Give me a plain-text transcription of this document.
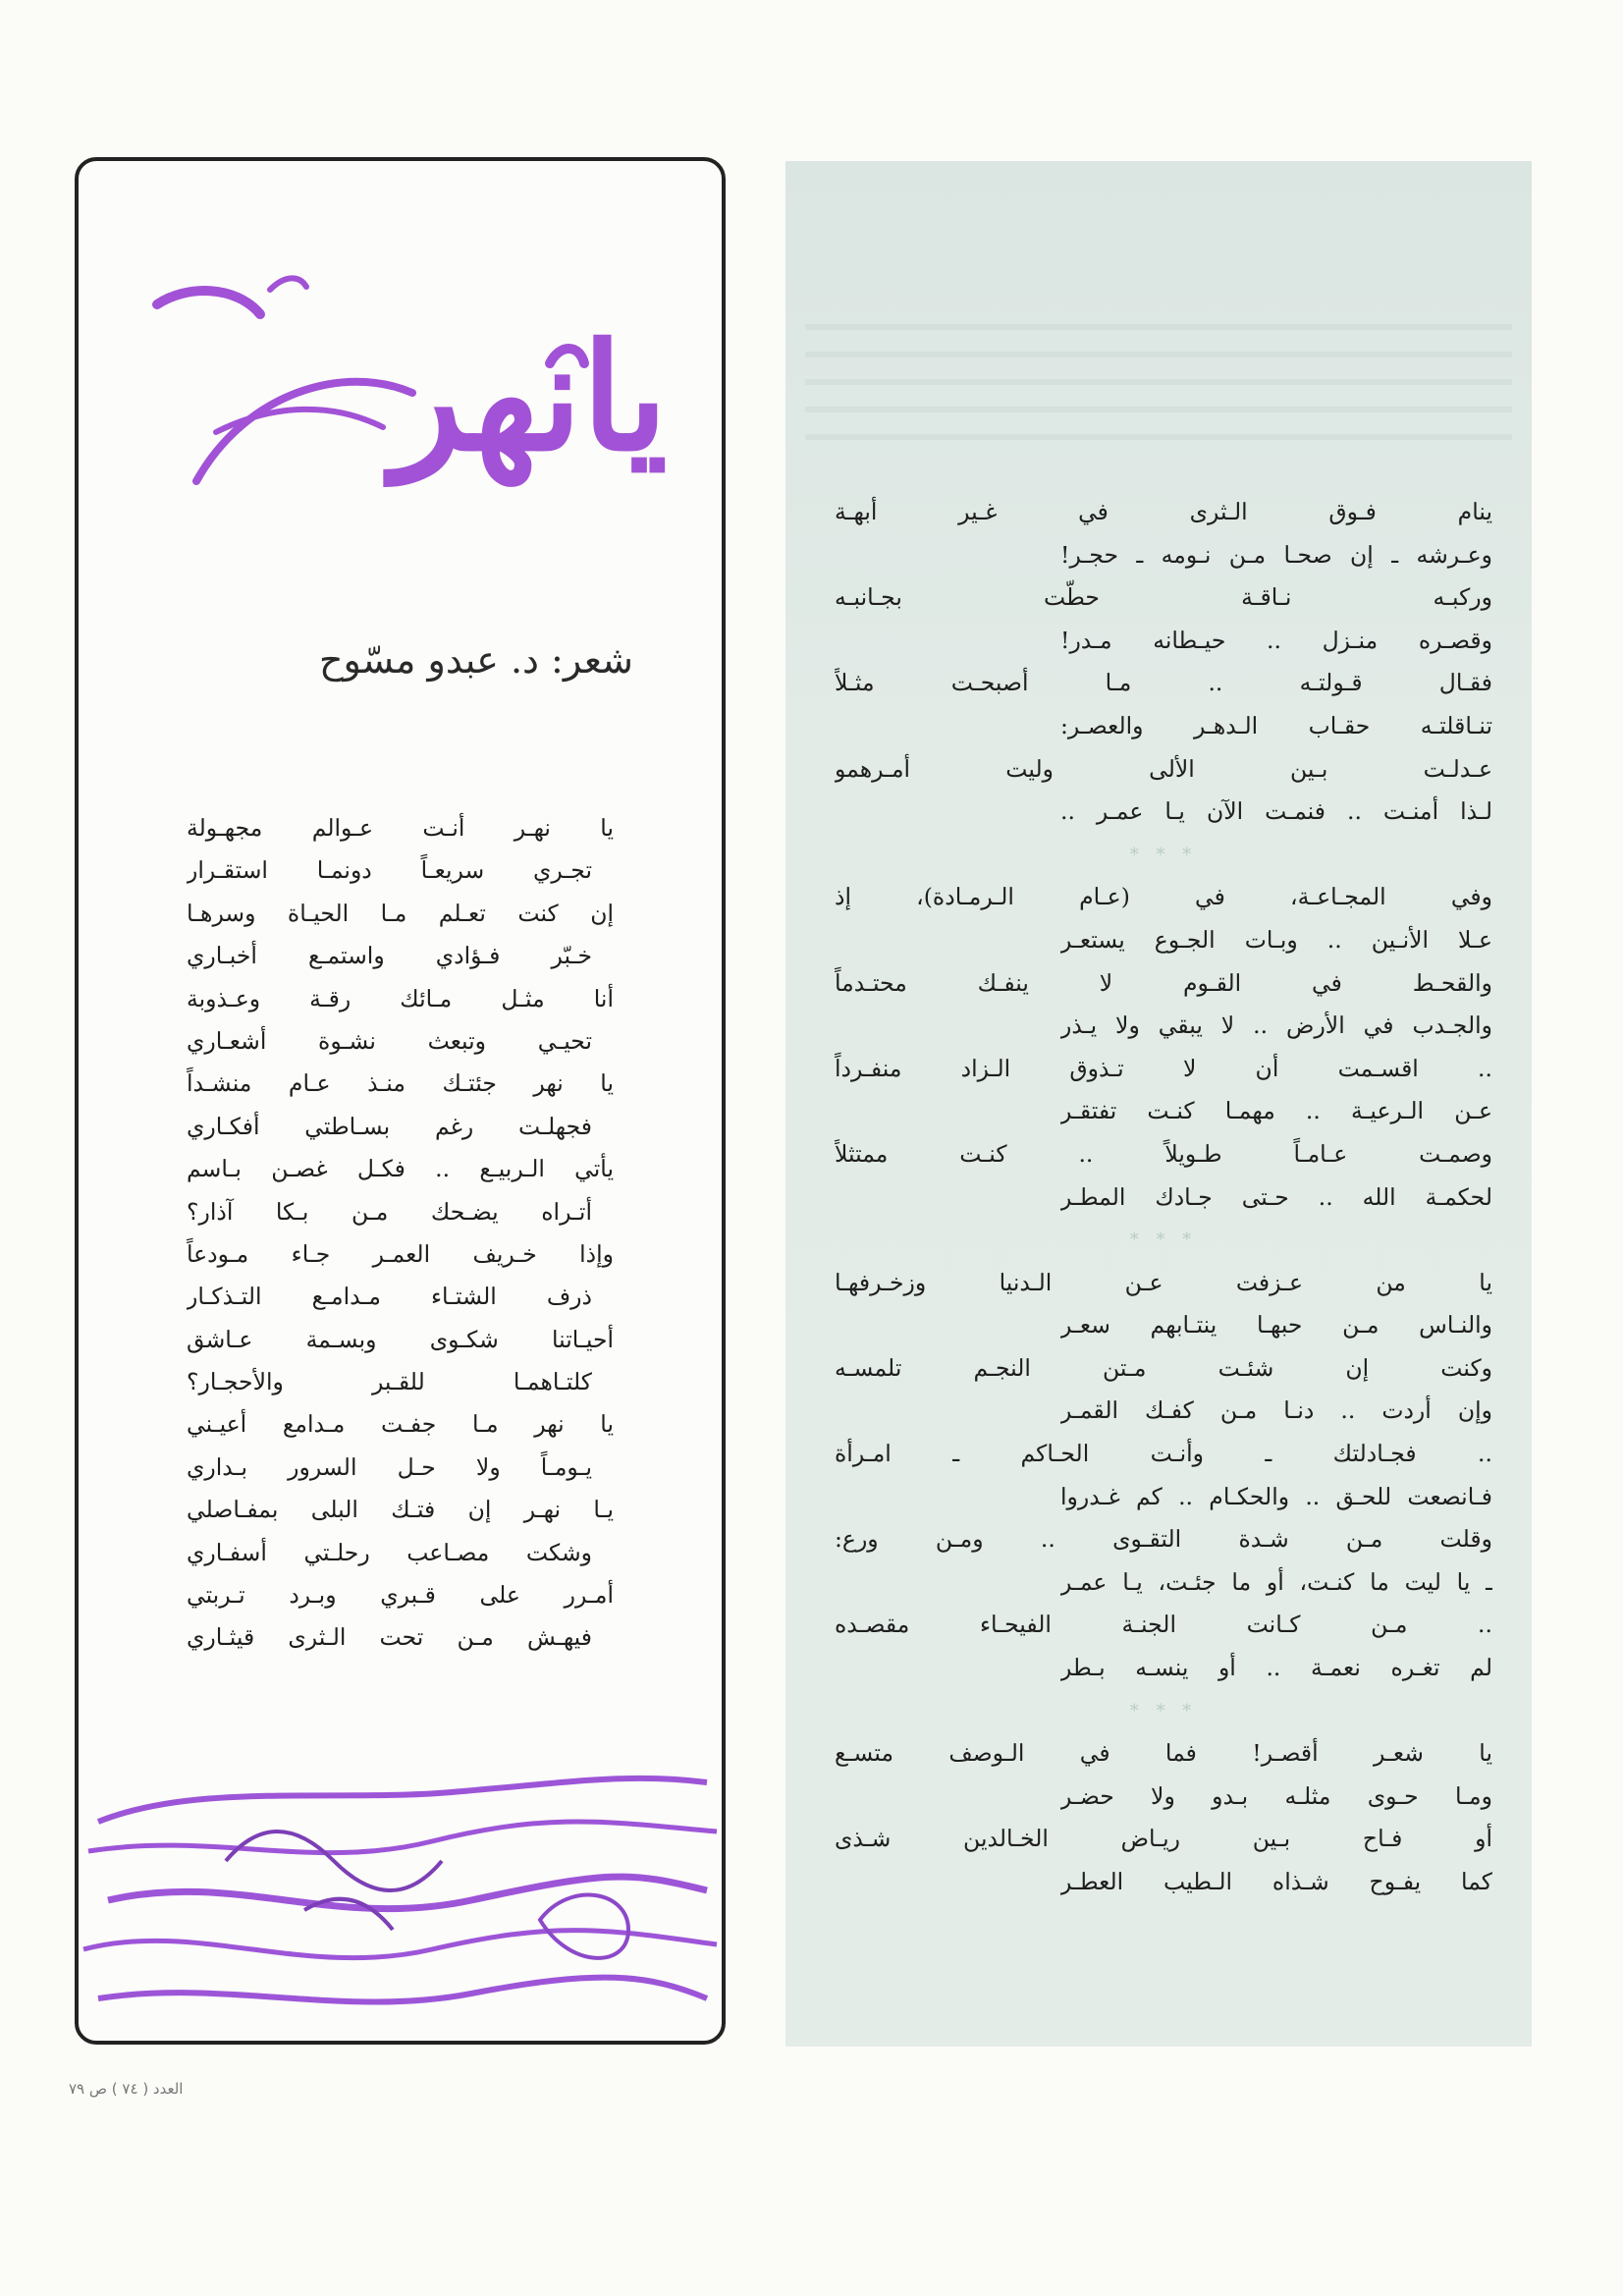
يانهر
شعر: د. عبدو مسّوح
يا نهـر أنـت عـوالم مجهـولة
تجـري سريعـاً دونمـا استقـرار
إن كنت تعـلم مـا الحيـاة وسرهـا
خـبّر فـؤادي واستمـع أخبـاري
أنا مثـل مـائك رقـة وعـذوبة
تحيـي وتبعث نشـوة أشعـاري
يا نهر جئتـك منـذ عـام منشـداً
فجهلـت رغم بسـاطتي أفكـاري
يأتي الـربيـع .. فكـل غصـن بـاسم
أتـراه يضـحك مـن بـكا آذار؟
وإذا خـريف العمـر جـاء مـودعاً
ذرف الشتـاء مـدامـع التـذكـار
أحيـاتنا شكـوى وبسـمة عـاشق
كلتـاهمـا للقـبر والأحجـار؟
يا نهر مـا جفـت مـدامع أعيـني
يـومـاً ولا حـل السرور بـداري
يـا نهـر إن فتـك البلى بمفـاصلي
وشكت مصـاعب رحلـتي أسفـاري
أمـرر على قـبري وبـرد تـربتي
فيهـش مـن تحت الـثرى قيثـاري
ينام فـوق الـثرى في غـير أبهـة
وعـرشه ـ إن صحـا مـن نـومه ـ حجـر!
وركبـه نـاقـة حطّت بجـانبـه
وقصـره منـزل .. حيـطانه مـدر!
فقـال قـولتـه .. مـا أصبحـت مثـلاً
تنـاقلتـه حقـاب الـدهـر والعصـر:
عـدلـت بـين الألى وليت أمـرهمو
لـذا أمنـت .. فنمـت الآن يـا عمـر ..
* * *
وفي المجـاعـة، في (عـام الـرمـادة)، إذ
عـلا الأنـين .. وبـات الجـوع يستعـر
والقحـط في القـوم لا ينفـك محتـدماً
والجـدب في الأرض .. لا يبقي ولا يـذر
.. اقسـمت أن لا تـذوق الـزاد منفـرداً
عـن الـرعيـة .. مهمـا كنـت تفتقـر
وصمـت عـامـاً طـويلاً .. كنـت ممتثلاً
لحكمـة الله .. حـتى جـادك المطـر
* * *
يا من عـزفت عـن الـدنيا وزخـرفهـا
والنـاس مـن حبهـا ينتـابهم سعـر
وكنت إن شئـت مـتن النجـم تلمسـه
وإن أردت .. دنـا مـن كفـك القمـر
.. فجـادلتك ـ وأنـت الحـاكم ـ امـرأة
فـانصعت للحـق .. والحكـام .. كم غـدروا
وقلت مـن شـدة التقـوى .. ومـن ورع:
ـ يا ليت ما كنـت، أو ما جئـت، يـا عمـر
.. مـن كـانت الجنـة الفيحـاء مقصـده
لم تغـره نعمـة .. أو ينسـه بـطر
* * *
يا شعـر أقصـر! فما في الـوصف متسـع
ومـا حـوى مثلـه بـدو ولا حضـر
أو فـاح بـين ريـاض الخـالدين شـذى
كما يفـوح شـذاه الـطيب العطـر
العدد ( ٧٤ ) ص ٧٩
